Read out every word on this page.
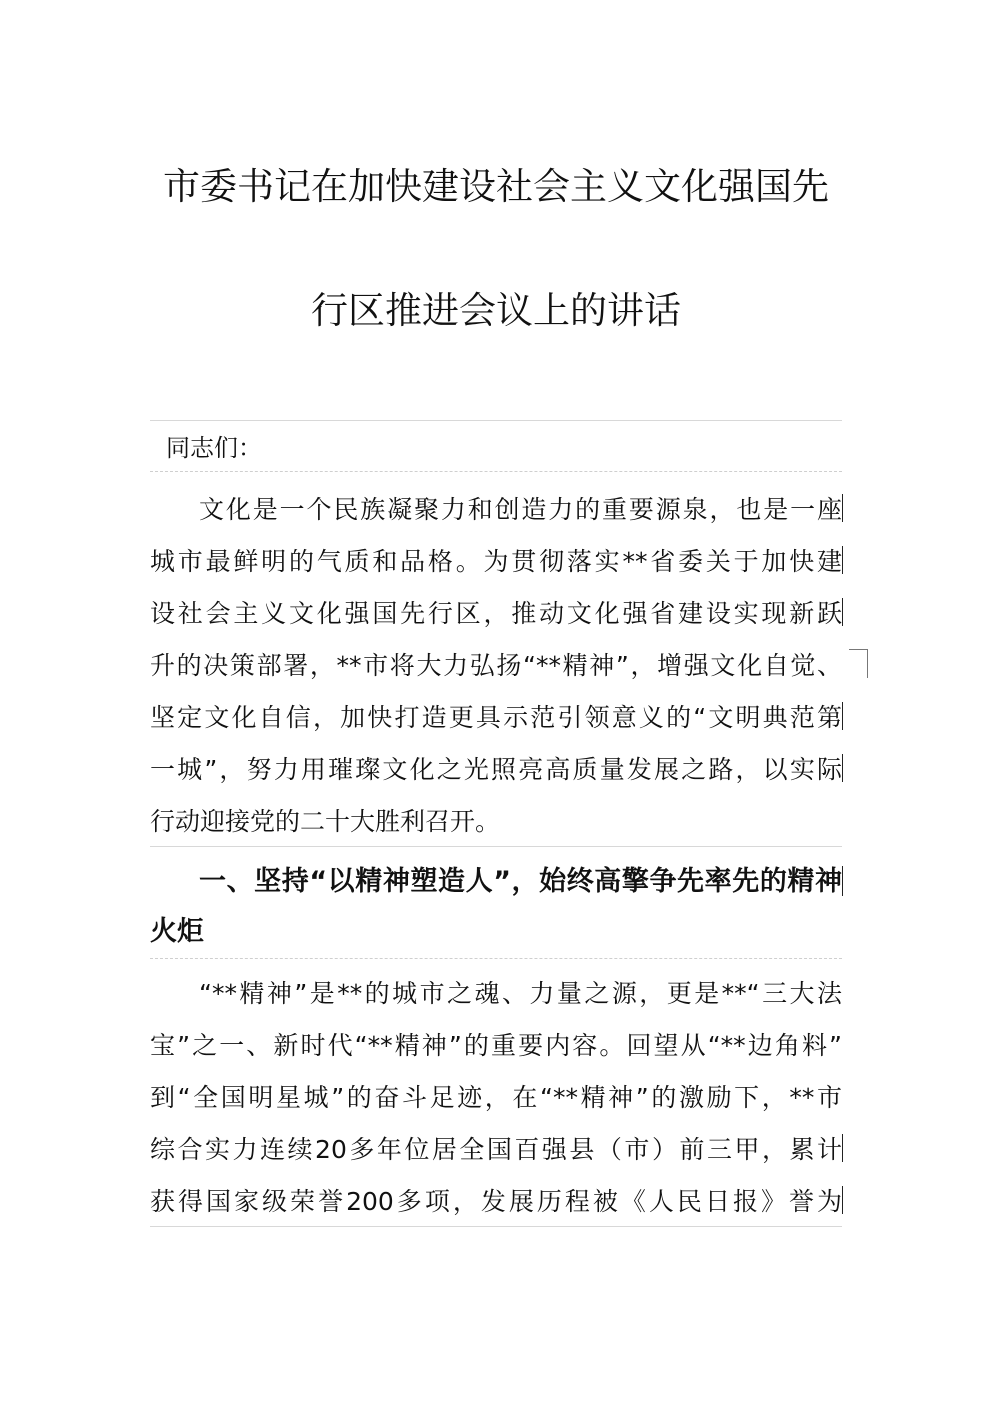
市委书记在加快建设社会主义文化强国先
行区推进会议上的讲话
同志们：
文化是一个民族凝聚力和创造力的重要源泉，也是一座
城市最鲜明的气质和品格。为贯彻落实**省委关于加快建
设社会主义文化强国先行区，推动文化强省建设实现新跃
升的决策部署，**市将大力弘扬“**精神”，增强文化自觉、
坚定文化自信，加快打造更具示范引领意义的“文明典范第
一城”，努力用璀璨文化之光照亮高质量发展之路，以实际
行动迎接党的二十大胜利召开。
一、坚持“以精神塑造人”，始终高擎争先率先的精神
火炬
“**精神”是**的城市之魂、力量之源，更是**“三大法
宝”之一、新时代“**精神”的重要内容。回望从“**边角料”
到“全国明星城”的奋斗足迹，在“**精神”的激励下，**市
综合实力连续20多年位居全国百强县（市）前三甲，累计
获得国家级荣誉200多项，发展历程被《人民日报》誉为
